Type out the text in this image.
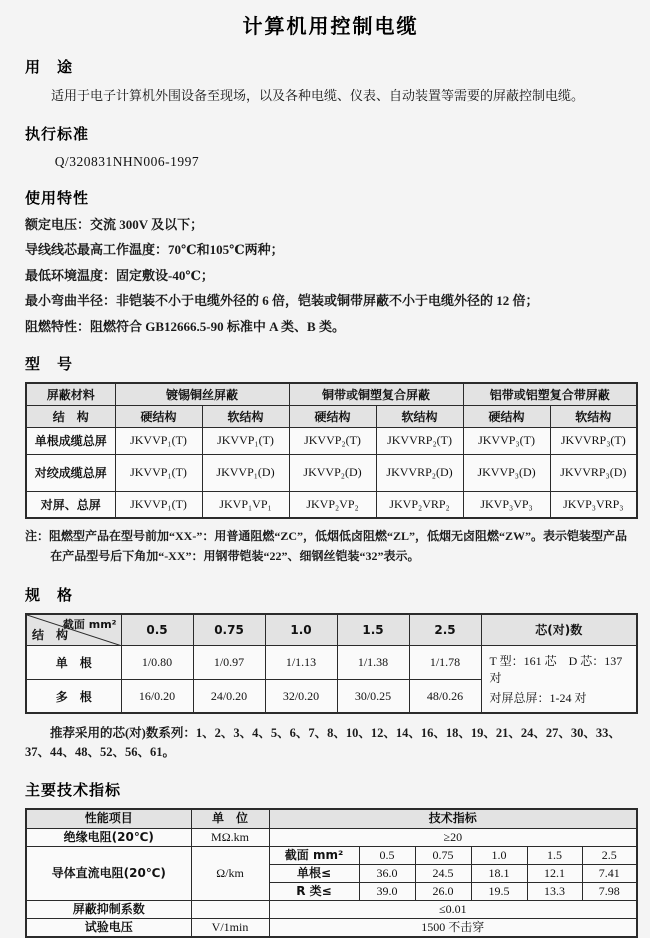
计算机用控制电缆
用　途

适用于电子计算机外围设备至现场，以及各种电缆、仪表、自动装置等需要的屏蔽控制电缆。

执行标准

Q/320831NHN006-1997

使用特性

额定电压：交流 300V 及以下；

导线线芯最高工作温度：70℃和105℃两种；

最低环境温度：固定敷设-40℃；

最小弯曲半径：非铠装不小于电缆外径的 6 倍，铠装或铜带屏蔽不小于电缆外径的 12 倍；

阻燃特性：阻燃符合 GB12666.5-90 标准中 A 类、B 类。

型　号
屏蔽材料	镀锡铜丝屏蔽		铜带或铜塑复合屏蔽		铝带或铝塑复合带屏蔽	
结　构	硬结构	软结构	硬结构	软结构	硬结构	软结构
单根成缆总屏	JKVVP₁(T)	JKVVP₁(T)	JKVVP₂(T)	JKVVRP₂(T)	JKVVP₃(T)	JKVVRP₃(T)
对绞成缆总屏	JKVVP₁(T)	JKVVP₁(D)	JKVVP₂(D)	JKVVRP₂(D)	JKVVP₃(D)	JKVVRP₃(D)
对屏、总屏	JKVVP₁(T)	JKVP₁VP₁	JKVP₂VP₂	JKVP₂VRP₂	JKVP₃VP₃	JKVP₃VRP₃

注：阻燃型产品在型号前加“XX-”：用普通阻燃“ZC”，低烟低卤阻燃“ZL”，低烟无卤阻燃“ZW”。表示铠装型产品在产品型号后下角加“-XX”：用钢带铠装“22”、细钢丝铠装“32”表示。

规　格
截面 mm²
结　构	0.5	0.75	1.0	1.5	2.5	芯(对)数
单　根	1/0.80	1/0.97	1/1.13	1/1.38	1/1.78	T 型：161 芯　D 芯：137 对
对屏总屏：1-24 对

多　根	16/0.20	24/0.20	32/0.20	30/0.25	48/0.26	

推荐采用的芯(对)数系列：1、2、3、4、5、6、7、8、10、12、14、16、18、19、21、24、27、30、33、37、44、48、52、56、61。

主要技术指标
性能项目	单　位	技术指标					
绝缘电阻(20℃)	MΩ.km	≥20					
导体直流电阻(20℃)	Ω/km	截面 mm²	0.5	0.75	1.0	1.5	2.5
		单根≤	36.0	24.5	18.1	12.1	7.41
		R 类≤	39.0	26.0	19.5	13.3	7.98
屏蔽抑制系数		≤0.01					
试验电压	V/1min	1500 不击穿					
